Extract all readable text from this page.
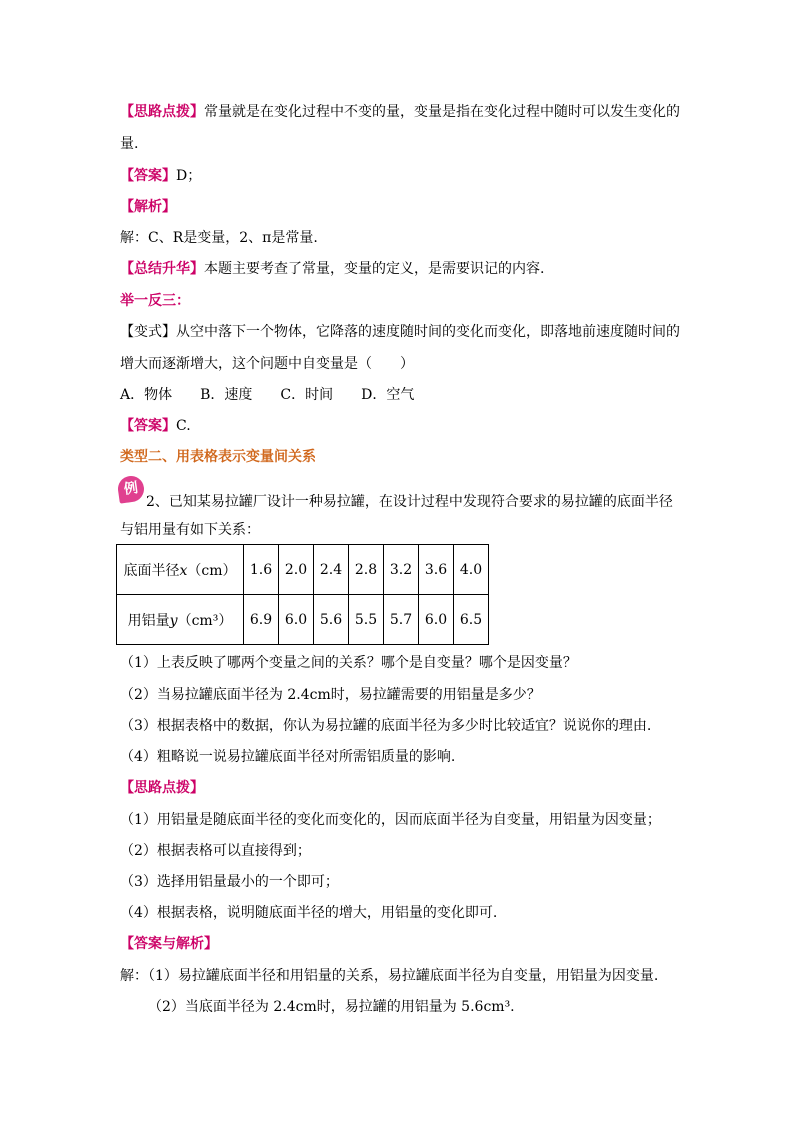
【思路点拨】常量就是在变化过程中不变的量，变量是指在变化过程中随时可以发生变化的
量.
【答案】D；
【解析】
解：C、R是变量，2、π是常量.
【总结升华】本题主要考查了常量，变量的定义，是需要识记的内容.
举一反三：
【变式】从空中落下一个物体，它降落的速度随时间的变化而变化，即落地前速度随时间的
增大而逐渐增大，这个问题中自变量是（　　）
A．物体　　B．速度　　C．时间　　D．空气
【答案】C.
类型二、用表格表示变量间关系
例
2、已知某易拉罐厂设计一种易拉罐，在设计过程中发现符合要求的易拉罐的底面半径
与铝用量有如下关系：
底面半径x（cm）	1.6	2.0	2.4	2.8	3.2	3.6	4.0
用铝量y（cm³）	6.9	6.0	5.6	5.5	5.7	6.0	6.5
（1）上表反映了哪两个变量之间的关系？哪个是自变量？哪个是因变量？
（2）当易拉罐底面半径为 2.4cm时，易拉罐需要的用铝量是多少？
（3）根据表格中的数据，你认为易拉罐的底面半径为多少时比较适宜？说说你的理由.
（4）粗略说一说易拉罐底面半径对所需铝质量的影响.
【思路点拨】
（1）用铝量是随底面半径的变化而变化的，因而底面半径为自变量，用铝量为因变量；
（2）根据表格可以直接得到；
（3）选择用铝量最小的一个即可；
（4）根据表格，说明随底面半径的增大，用铝量的变化即可.
【答案与解析】
解：（1）易拉罐底面半径和用铝量的关系，易拉罐底面半径为自变量，用铝量为因变量.
（2）当底面半径为 2.4cm时，易拉罐的用铝量为 5.6cm³.
